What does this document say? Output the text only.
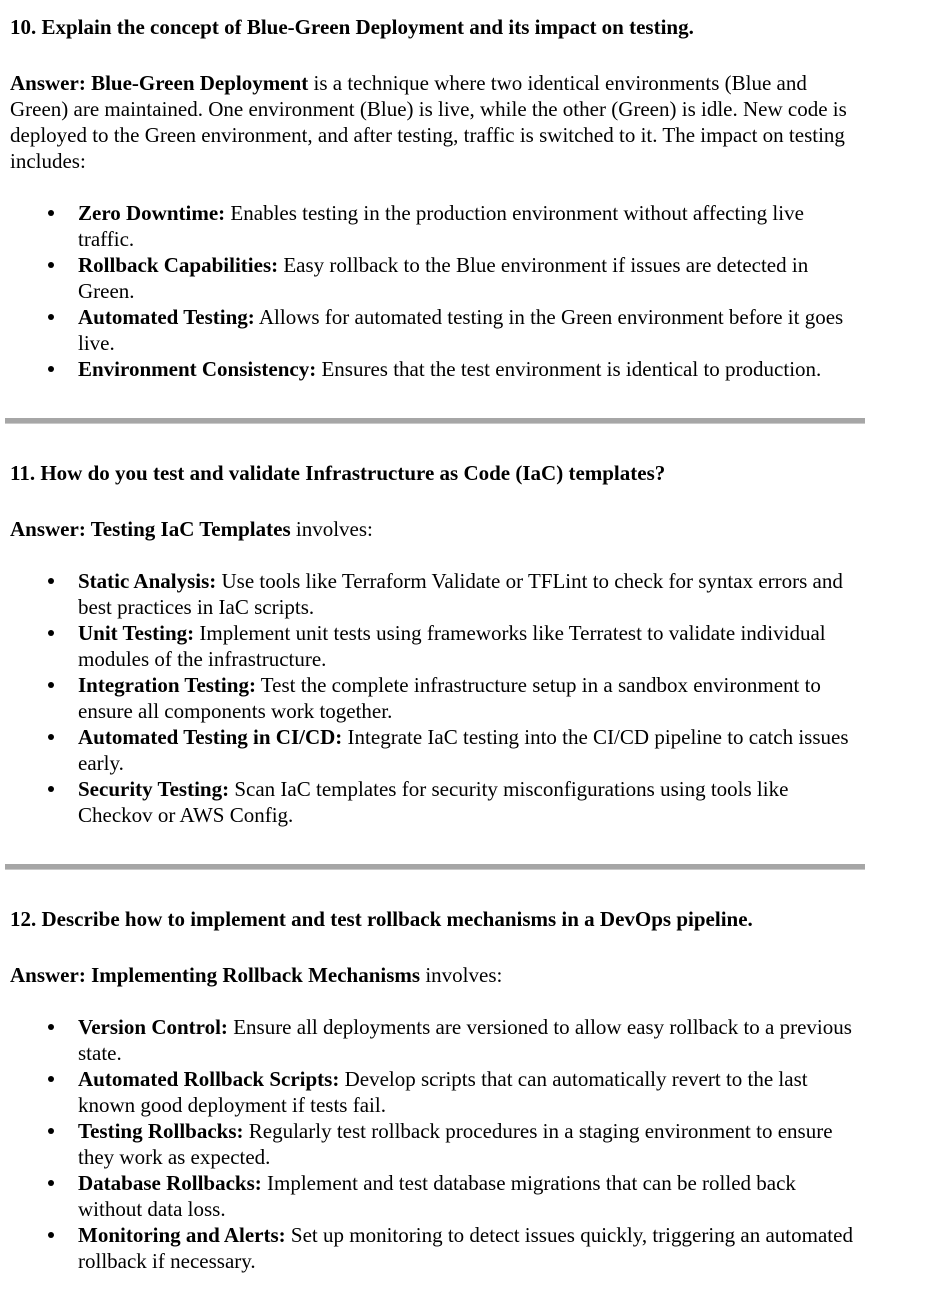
10. Explain the concept of Blue-Green Deployment and its impact on testing.

Answer: Blue-Green Deployment is a technique where two identical environments (Blue and Green) are maintained. One environment (Blue) is live, while the other (Green) is idle. New code is deployed to the Green environment, and after testing, traffic is switched to it. The impact on testing includes:

Zero Downtime: Enables testing in the production environment without affecting live traffic.
Rollback Capabilities: Easy rollback to the Blue environment if issues are detected in Green.
Automated Testing: Allows for automated testing in the Green environment before it goes live.
Environment Consistency: Ensures that the test environment is identical to production.
11. How do you test and validate Infrastructure as Code (IaC) templates?

Answer: Testing IaC Templates involves:

Static Analysis: Use tools like Terraform Validate or TFLint to check for syntax errors and best practices in IaC scripts.
Unit Testing: Implement unit tests using frameworks like Terratest to validate individual modules of the infrastructure.
Integration Testing: Test the complete infrastructure setup in a sandbox environment to ensure all components work together.
Automated Testing in CI/CD: Integrate IaC testing into the CI/CD pipeline to catch issues early.
Security Testing: Scan IaC templates for security misconfigurations using tools like Checkov or AWS Config.
12. Describe how to implement and test rollback mechanisms in a DevOps pipeline.

Answer: Implementing Rollback Mechanisms involves:

Version Control: Ensure all deployments are versioned to allow easy rollback to a previous state.
Automated Rollback Scripts: Develop scripts that can automatically revert to the last known good deployment if tests fail.
Testing Rollbacks: Regularly test rollback procedures in a staging environment to ensure they work as expected.
Database Rollbacks: Implement and test database migrations that can be rolled back without data loss.
Monitoring and Alerts: Set up monitoring to detect issues quickly, triggering an automated rollback if necessary.
